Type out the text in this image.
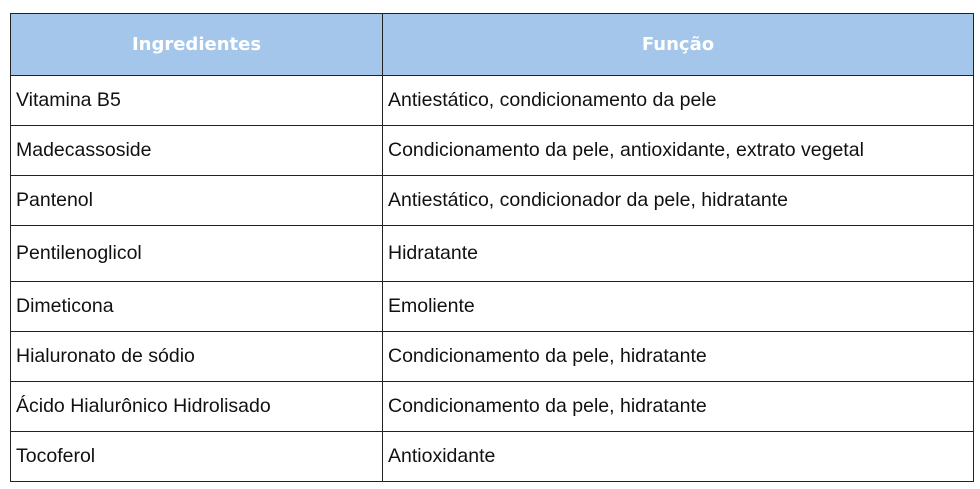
Ingredientes	Função
Vitamina B5	Antiestático, condicionamento da pele
Madecassoside	Condicionamento da pele, antioxidante, extrato vegetal
Pantenol	Antiestático, condicionador da pele, hidratante
Pentilenoglicol	Hidratante
Dimeticona	Emoliente
Hialuronato de sódio	Condicionamento da pele, hidratante
Ácido Hialurônico Hidrolisado	Condicionamento da pele, hidratante
Tocoferol	Antioxidante
